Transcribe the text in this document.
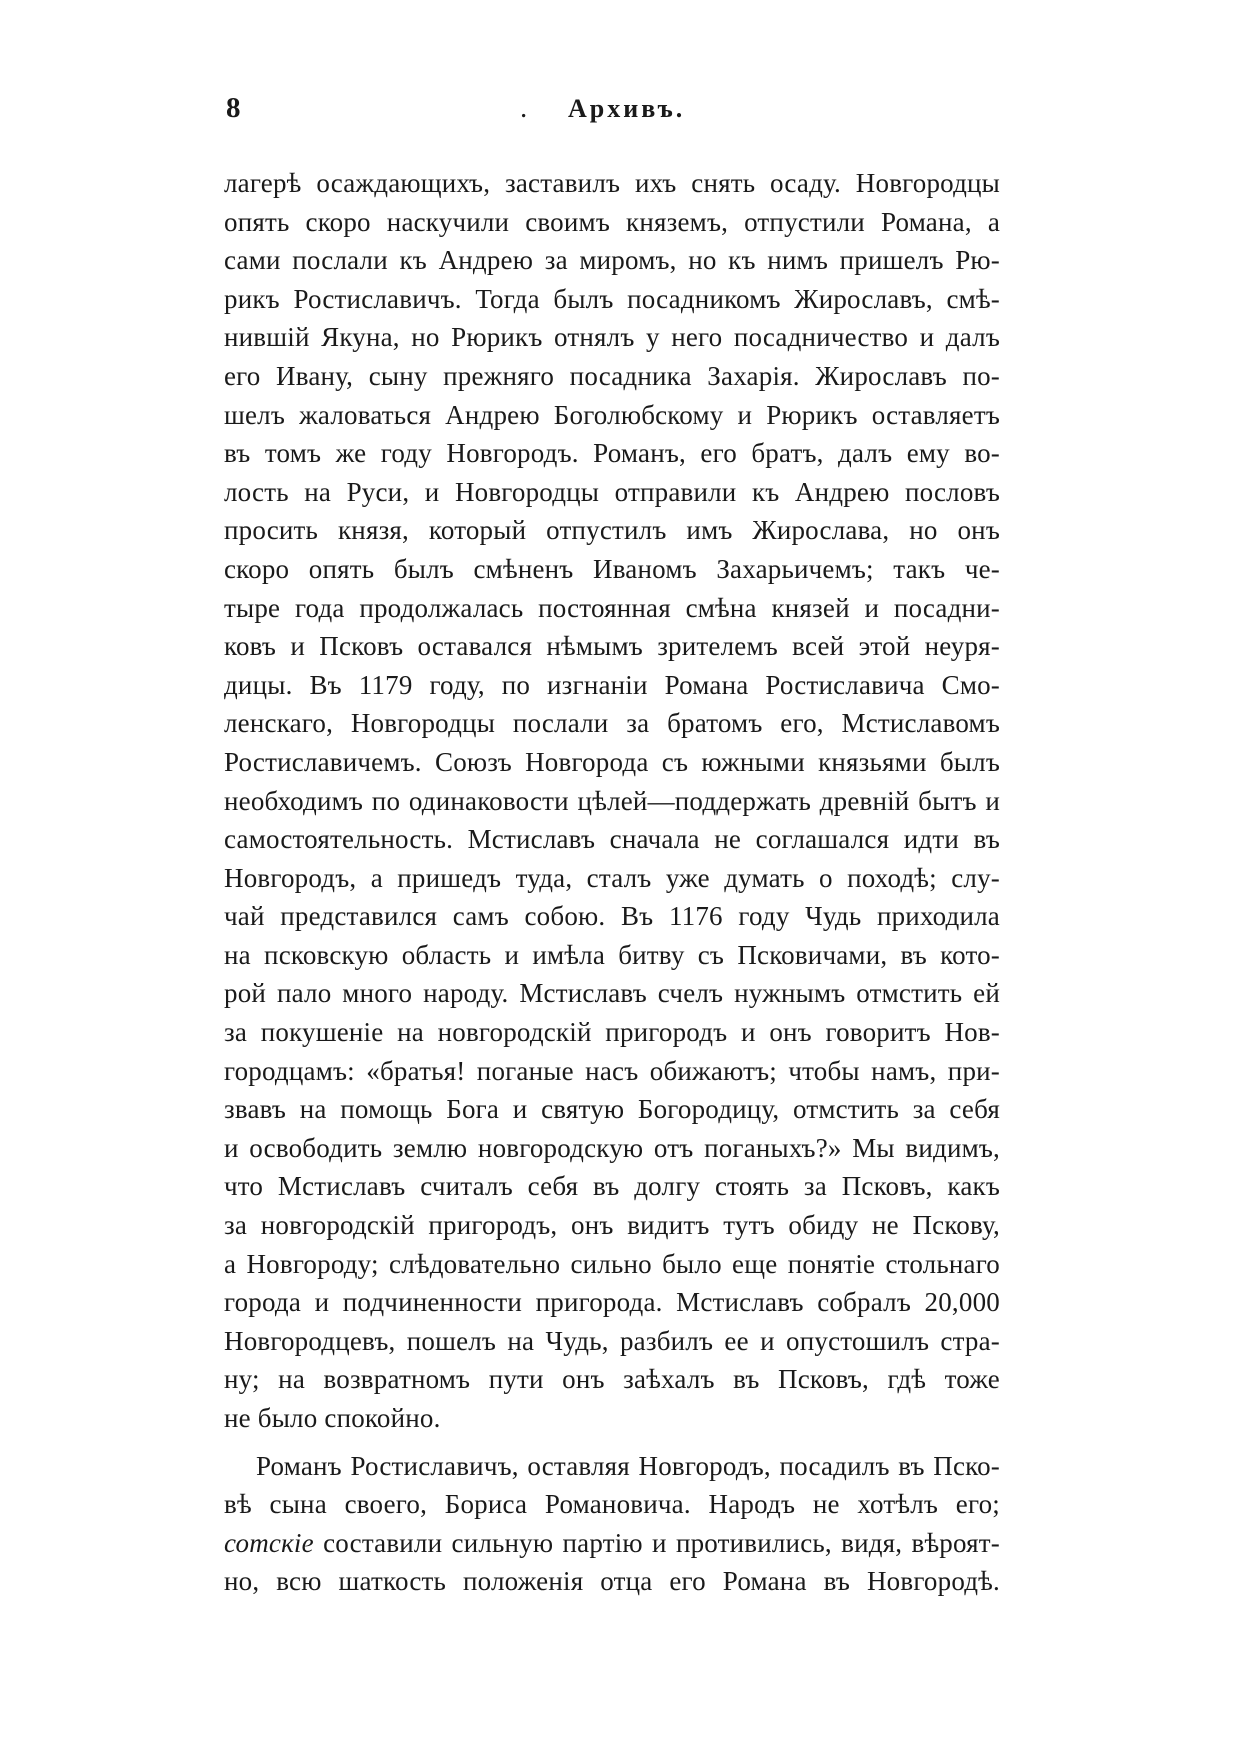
8	. Архивъ.
лагерѣ осаждающихъ, заставилъ ихъ снять осаду. Новгородцы
опять скоро наскучили своимъ княземъ, отпустили Романа, а
сами послали къ Андрею за миромъ, но къ нимъ пришелъ Рю-
рикъ Ростиславичъ. Тогда былъ посадникомъ Жирославъ, смѣ-
нившій Якуна, но Рюрикъ отнялъ у него посадничество и далъ
его Ивану, сыну прежняго посадника Захарія. Жирославъ по-
шелъ жаловаться Андрею Боголюбскому и Рюрикъ оставляетъ
въ томъ же году Новгородъ. Романъ, его братъ, далъ ему во-
лость на Руси, и Новгородцы отправили къ Андрею пословъ
просить князя, который отпустилъ имъ Жирослава, но онъ
скоро опять былъ смѣненъ Иваномъ Захарьичемъ; такъ че-
тыре года продолжалась постоянная смѣна князей и посадни-
ковъ и Псковъ оставался нѣмымъ зрителемъ всей этой неуря-
дицы. Въ 1179 году, по изгнаніи Романа Ростиславича Смо-
ленскаго, Новгородцы послали за братомъ его, Мстиславомъ
Ростиславичемъ. Союзъ Новгорода съ южными князьями былъ
необходимъ по одинаковости цѣлей—поддержать древній бытъ и
самостоятельность. Мстиславъ сначала не соглашался идти въ
Новгородъ, а пришедъ туда, сталъ уже думать о походѣ; слу-
чай представился самъ собою. Въ 1176 году Чудь приходила
на псковскую область и имѣла битву съ Псковичами, въ кото-
рой пало много народу. Мстиславъ счелъ нужнымъ отмстить ей
за покушеніе на новгородскій пригородъ и онъ говоритъ Нов-
городцамъ: «братья! поганые насъ обижаютъ; чтобы намъ, при-
звавъ на помощь Бога и святую Богородицу, отмстить за себя
и освободить землю новгородскую отъ поганыхъ?» Мы видимъ,
что Мстиславъ считалъ себя въ долгу стоять за Псковъ, какъ
за новгородскій пригородъ, онъ видитъ тутъ обиду не Пскову,
а Новгороду; слѣдовательно сильно было еще понятіе стольнаго
города и подчиненности пригорода. Мстиславъ собралъ 20,000
Новгородцевъ, пошелъ на Чудь, разбилъ ее и опустошилъ стра-
ну; на возвратномъ пути онъ заѣхалъ въ Псковъ, гдѣ тоже
не было спокойно.
Романъ Ростиславичъ, оставляя Новгородъ, посадилъ въ Пско-
вѣ сына своего, Бориса Романовича. Народъ не хотѣлъ его;
сотскіе составили сильную партію и противились, видя, вѣроят-
но, всю шаткость положенія отца его Романа въ Новгородѣ.
